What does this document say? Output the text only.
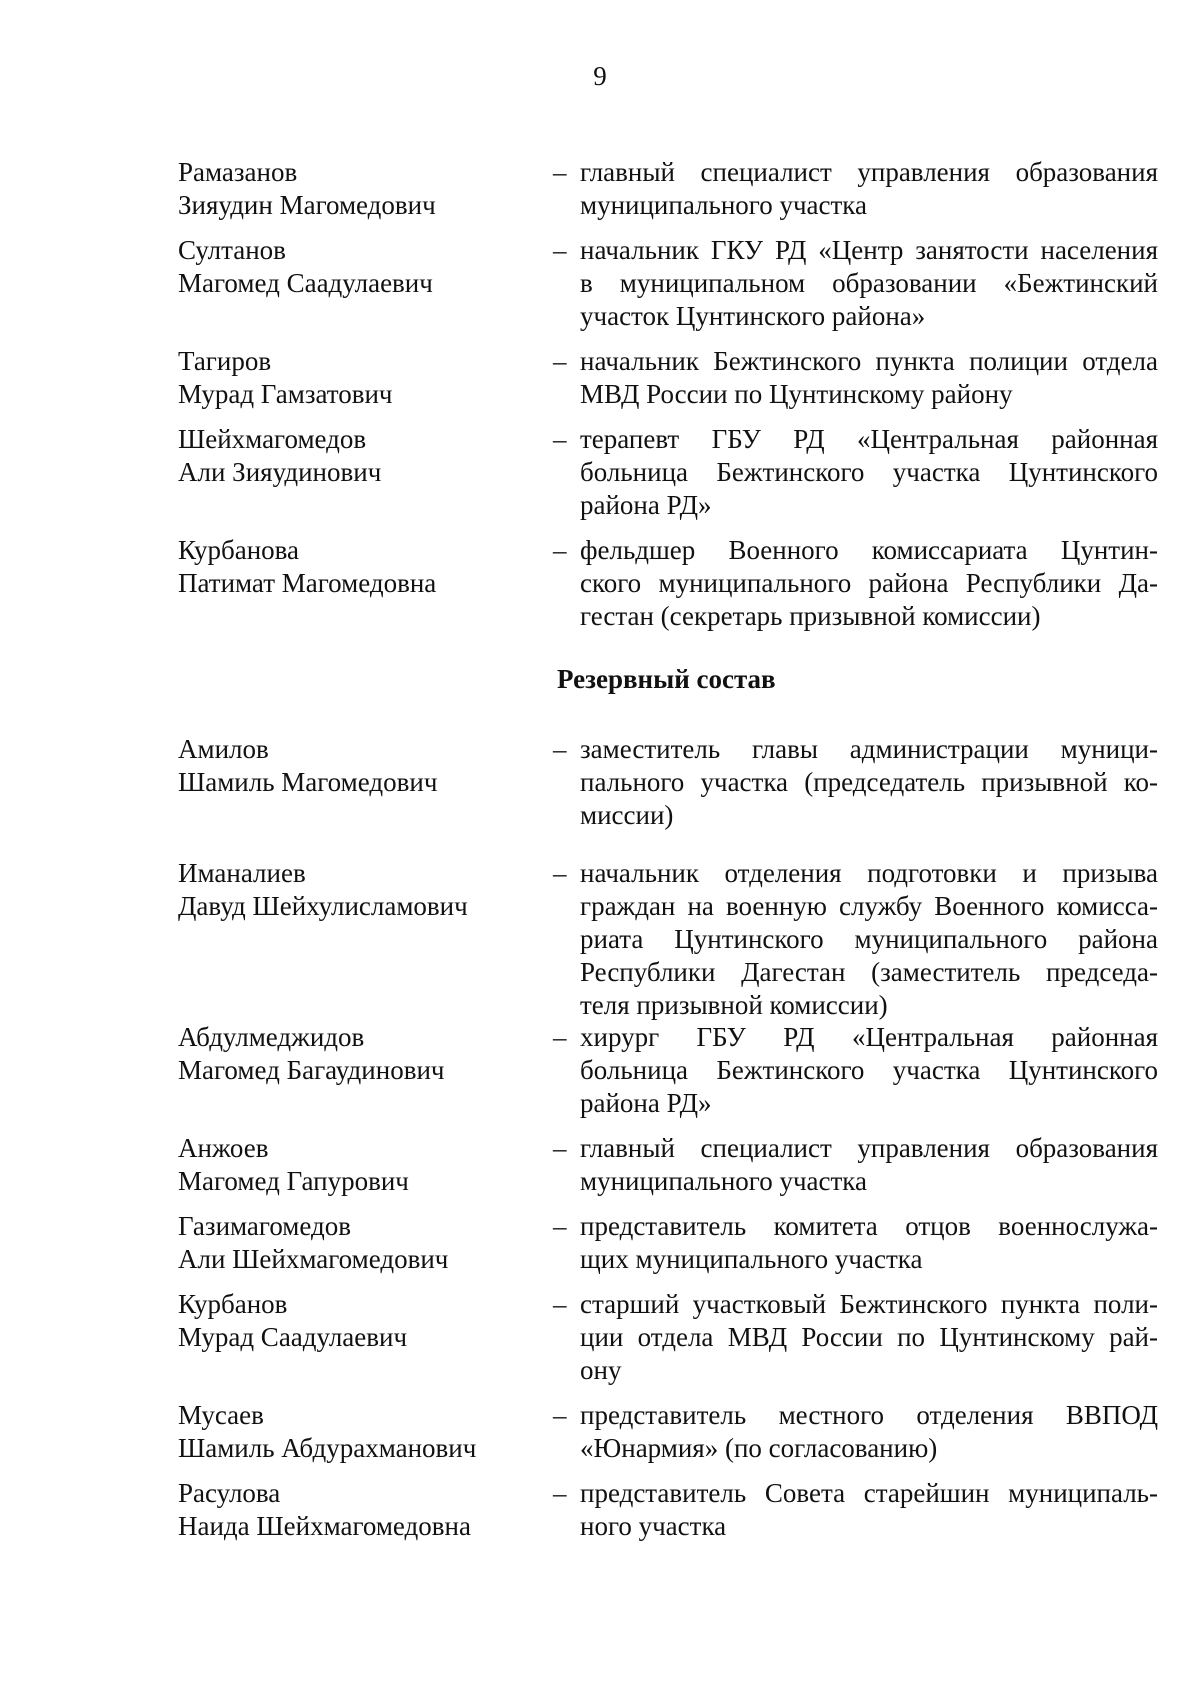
9
Резервный состав
Рамазанов
Зияудин Магомедович
– главный специалист управления образования
муниципального участка
Султанов
Магомед Саадулаевич
– начальник ГКУ РД «Центр занятости населения
в муниципальном образовании «Бежтинский
участок Цунтинского района»
Тагиров
Мурад Гамзатович
– начальник Бежтинского пункта полиции отдела
МВД России по Цунтинскому району
Шейхмагомедов
Али Зияудинович
– терапевт ГБУ РД «Центральная районная
больница Бежтинского участка Цунтинского
района РД»
Курбанова
Патимат Магомедовна
– фельдшер Военного комиссариата Цунтин-
ского муниципального района Республики Да-
гестан (секретарь призывной комиссии)
Амилов
Шамиль Магомедович
– заместитель главы администрации муници-
пального участка (председатель призывной ко-
миссии)
Иманалиев
Давуд Шейхулисламович
– начальник отделения подготовки и призыва
граждан на военную службу Военного комисса-
риата Цунтинского муниципального района
Республики Дагестан (заместитель председа-
теля призывной комиссии)
Абдулмеджидов
Магомед Багаудинович
– хирург ГБУ РД «Центральная районная
больница Бежтинского участка Цунтинского
района РД»
Анжоев
Магомед Гапурович
– главный специалист управления образования
муниципального участка
Газимагомедов
Али Шейхмагомедович
– представитель комитета отцов военнослужа-
щих муниципального участка
Курбанов
Мурад Саадулаевич
– старший участковый Бежтинского пункта поли-
ции отдела МВД России по Цунтинскому рай-
ону
Мусаев
Шамиль Абдурахманович
– представитель местного отделения ВВПОД
«Юнармия» (по согласованию)
Расулова
Наида Шейхмагомедовна
– представитель Совета старейшин муниципаль-
ного участка
